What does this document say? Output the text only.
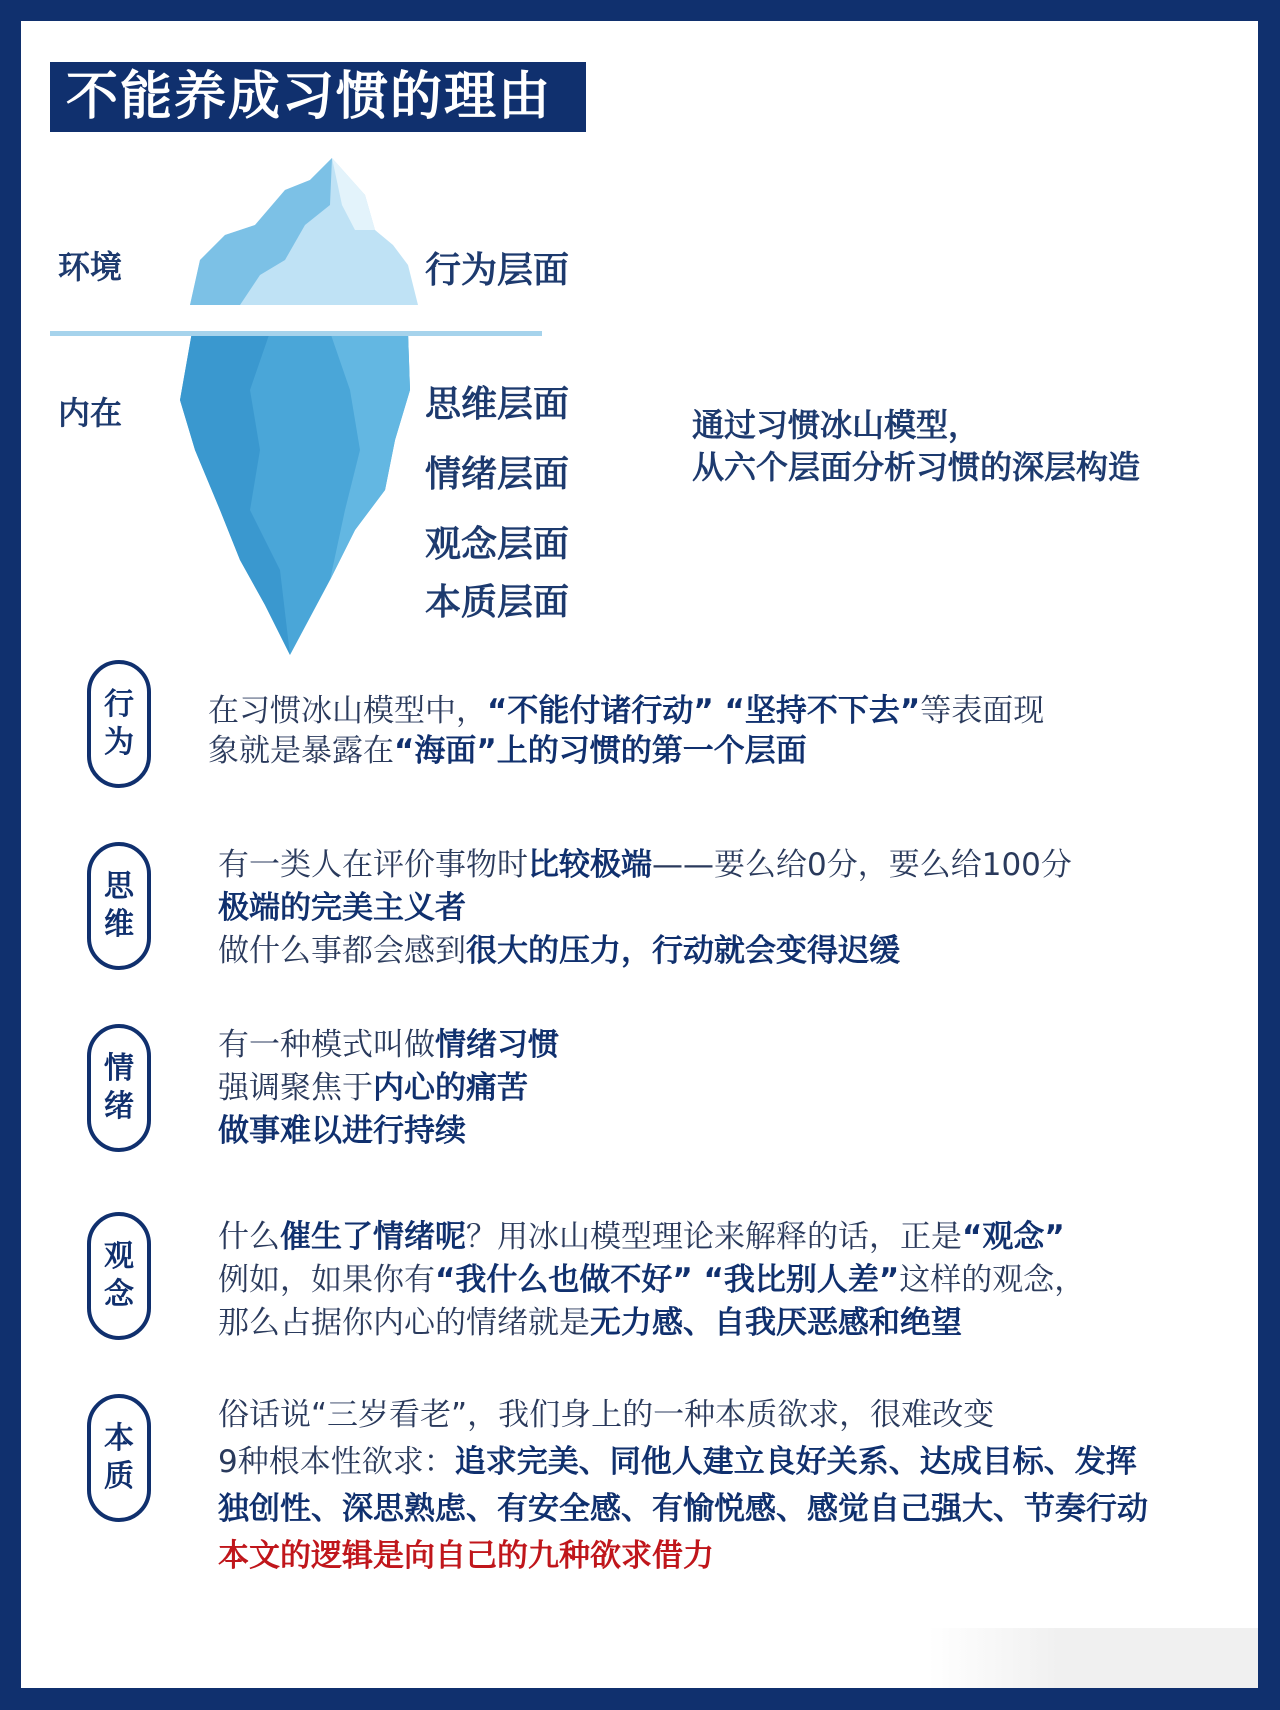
不能养成习惯的理由
环境
内在
行为层面
思维层面
情绪层面
观念层面
本质层面
通过习惯冰山模型，
从六个层面分析习惯的深层构造
行
为
思
维
情
绪
观
念
本
质
在习惯冰山模型中，“不能付诸行动” “坚持不下去”等表面现
象就是暴露在“海面”上的习惯的第一个层面
有一类人在评价事物时比较极端——要么给0分，要么给100分
极端的完美主义者
做什么事都会感到很大的压力，行动就会变得迟缓
有一种模式叫做情绪习惯
强调聚焦于内心的痛苦
做事难以进行持续
什么催生了情绪呢？用冰山模型理论来解释的话，正是“观念”
例如，如果你有“我什么也做不好” “我比别人差”这样的观念，
那么占据你内心的情绪就是无力感、自我厌恶感和绝望
俗话说“三岁看老”，我们身上的一种本质欲求，很难改变
9种根本性欲求：追求完美、同他人建立良好关系、达成目标、发挥
独创性、深思熟虑、有安全感、有愉悦感、感觉自己强大、节奏行动
本文的逻辑是向自己的九种欲求借力
